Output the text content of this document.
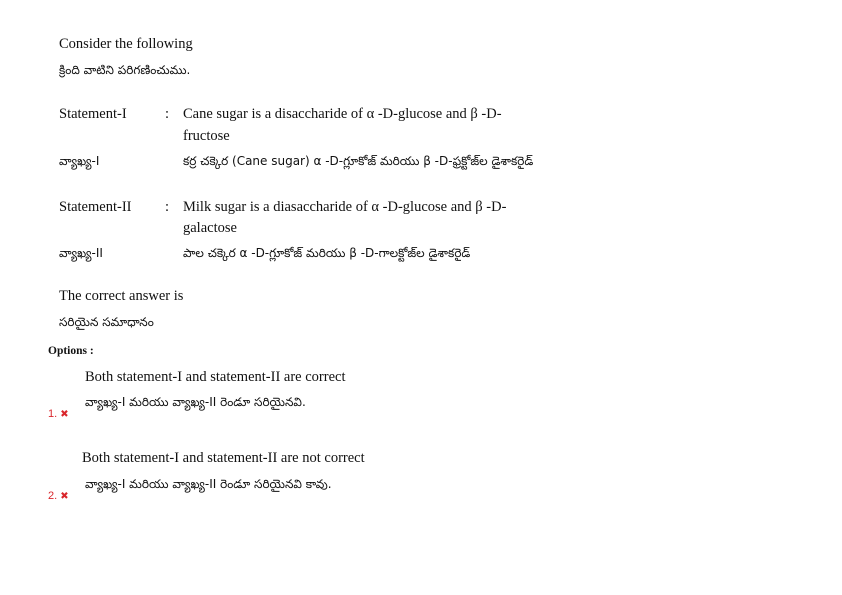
Consider the following
క్రింది వాటిని పరిగణించుము.
Statement-I	: Cane sugar is a disaccharide of α -D-glucose and β -D-
fructose
వ్యాఖ్య-I	కర్ర చక్కెర (Cane sugar) α -D-గ్లూకోజ్ మరియు β -D-ఫ్రక్టోజ్‌ల డైశాకరైడ్
Statement-II : Milk sugar is a diasaccharide of α -D-glucose and β -D-
galactose
వ్యాఖ్య-II	పాల చక్కెర α -D-గ్లూకోజ్ మరియు β -D-గాలక్టోజ్‌ల డైశాకరైడ్
The correct answer is
సరియైన సమాధానం
Options :
Both statement-I and statement-II are correct
వ్యాఖ్య-I మరియు వ్యాఖ్య-II రెండూ సరియైనవి.
1. ✖
Both statement-I and statement-II are not correct
వ్యాఖ్య-I మరియు వ్యాఖ్య-II రెండూ సరియైనవి కావు.
2. ✖
